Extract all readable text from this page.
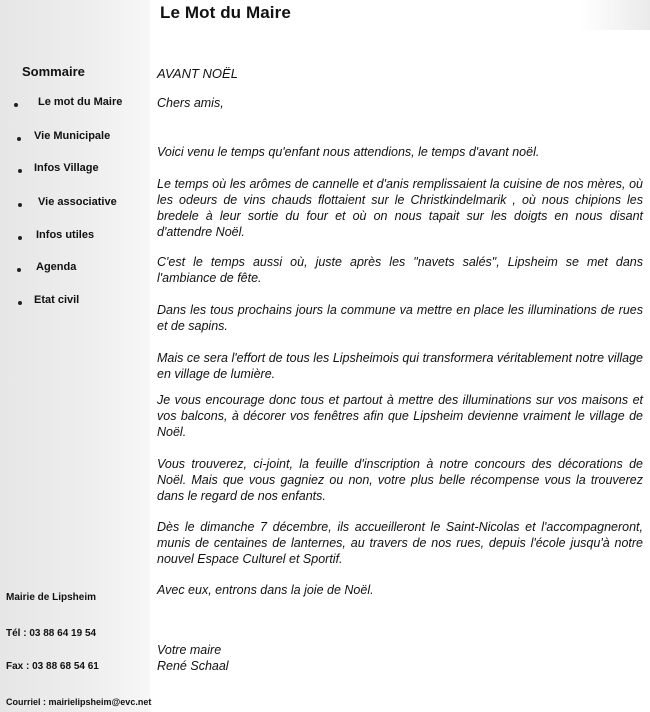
Le Mot du Maire
Sommaire
Le mot du Maire
Vie Municipale
Infos Village
Vie associative
Infos utiles
Agenda
Etat civil
AVANT NOËL

Chers amis,

Voici venu le temps qu'enfant nous attendions, le temps d'avant noël.

Le temps où les arômes de cannelle et d'anis remplissaient la cuisine de nos mères, où les odeurs de vins chauds flottaient sur le Christkindelmarik , où nous chipions les bredele à leur sortie du four et où on nous tapait sur les doigts en nous disant d'attendre Noël.

C'est le temps aussi où, juste après les "navets salés", Lipsheim se met dans l'ambiance de fête.

Dans les tous prochains jours la commune va mettre en place les illuminations de rues et de sapins.

Mais ce sera l'effort de tous les Lipsheimois qui transformera véritablement notre village en village de lumière.

Je vous encourage donc tous et partout à mettre des illuminations sur vos maisons et vos balcons, à décorer vos fenêtres afin que Lipsheim devienne vraiment le village de Noël.

Vous trouverez, ci-joint, la feuille d'inscription à notre concours des décorations de Noël. Mais que vous gagniez ou non, votre plus belle récompense vous la trouverez dans le regard de nos enfants.

Dès le dimanche 7 décembre, ils accueilleront le Saint-Nicolas et l'accompagneront, munis de centaines de lanternes, au travers de nos rues, depuis l'école jusqu'à notre nouvel Espace Culturel et Sportif.

Avec eux, entrons dans la joie de Noël.

Votre maire

René Schaal

Mairie de Lipsheim
Tél : 03 88 64 19 54
Fax : 03 88 68 54 61
Courriel : mairielipsheim@evc.net
